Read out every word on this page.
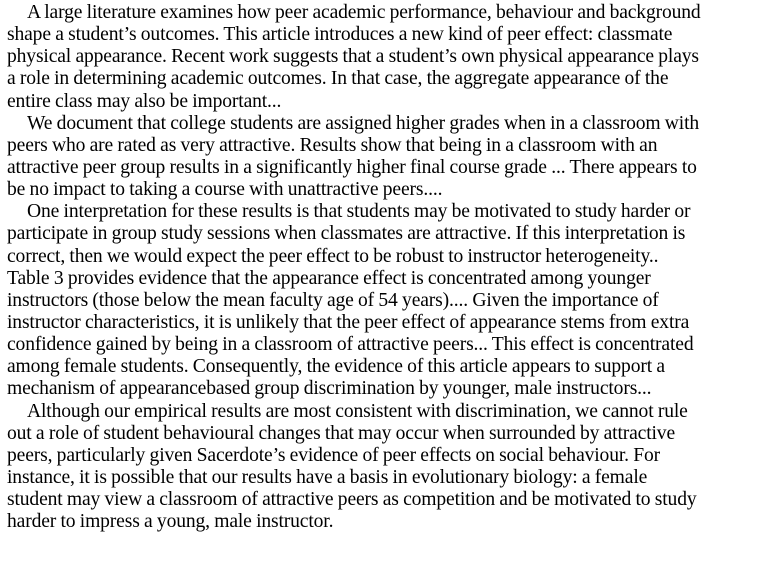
A large literature examines how peer academic performance, behaviour and background
shape a student’s outcomes. This article introduces a new kind of peer effect: classmate
physical appearance. Recent work suggests that a student’s own physical appearance plays
a role in determining academic outcomes. In that case, the aggregate appearance of the
entire class may also be important...
We document that college students are assigned higher grades when in a classroom with
peers who are rated as very attractive. Results show that being in a classroom with an
attractive peer group results in a significantly higher final course grade ... There appears to
be no impact to taking a course with unattractive peers....
One interpretation for these results is that students may be motivated to study harder or
participate in group study sessions when classmates are attractive. If this interpretation is
correct, then we would expect the peer effect to be robust to instructor heterogeneity..
Table 3 provides evidence that the appearance effect is concentrated among younger
instructors (those below the mean faculty age of 54 years).... Given the importance of
instructor characteristics, it is unlikely that the peer effect of appearance stems from extra
confidence gained by being in a classroom of attractive peers... This effect is concentrated
among female students. Consequently, the evidence of this article appears to support a
mechanism of appearancebased group discrimination by younger, male instructors...
Although our empirical results are most consistent with discrimination, we cannot rule
out a role of student behavioural changes that may occur when surrounded by attractive
peers, particularly given Sacerdote’s evidence of peer effects on social behaviour. For
instance, it is possible that our results have a basis in evolutionary biology: a female
student may view a classroom of attractive peers as competition and be motivated to study
harder to impress a young, male instructor.
